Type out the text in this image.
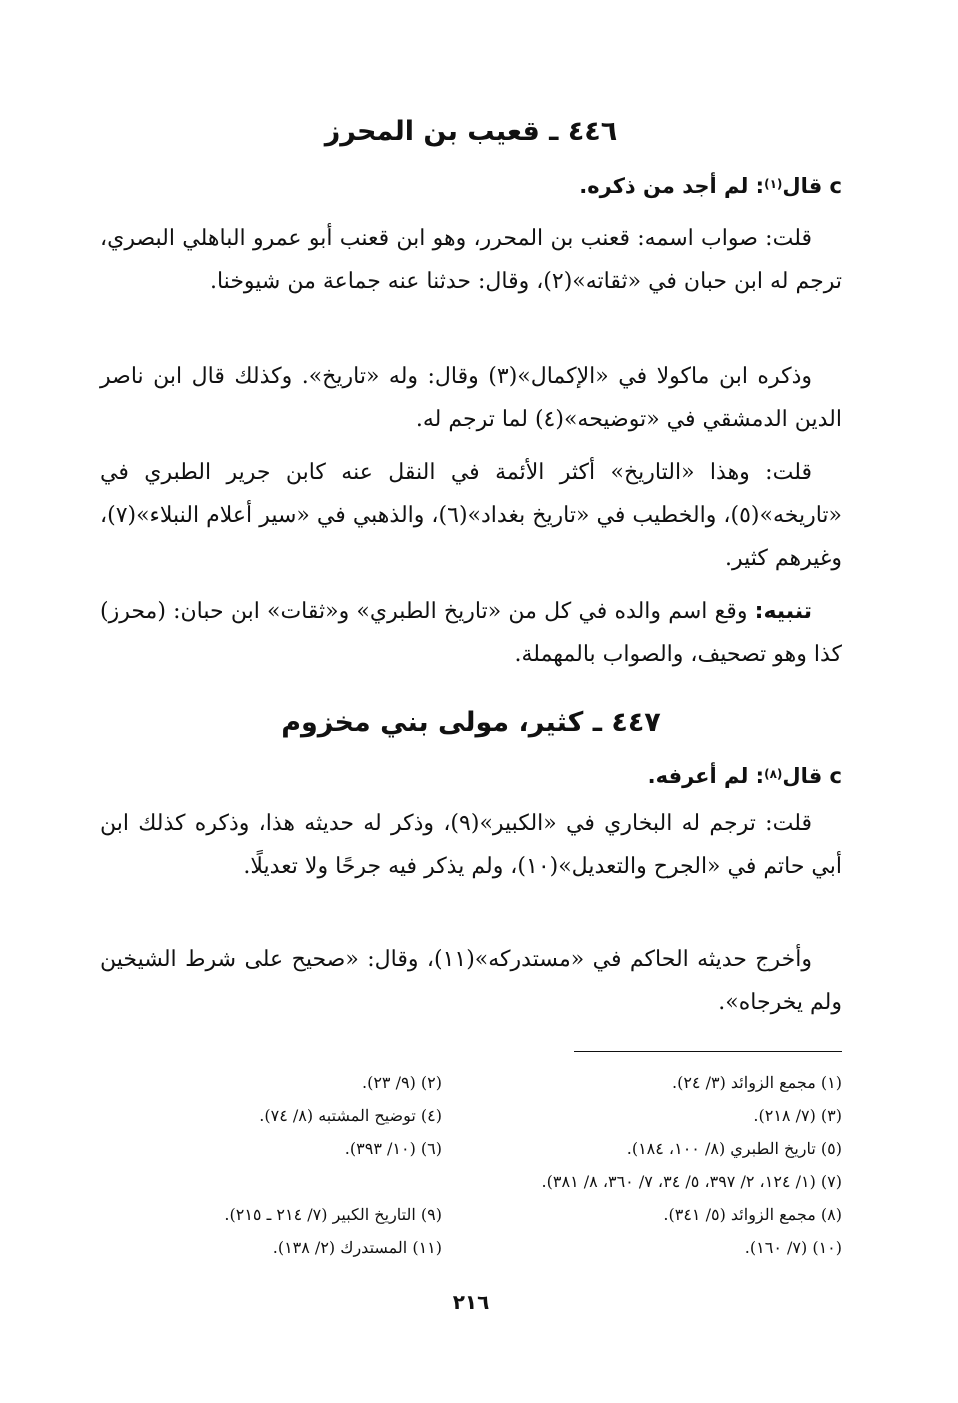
٤٤٦ ـ قعيب بن المحرز
c قال$^{(١)}$: لم أجد من ذكره.
قلت: صواب اسمه: قعنب بن المحرر، وهو ابن قعنب أبو عمرو الباهلي البصري، ترجم له ابن حبان في «ثقاته»(٢)، وقال: حدثنا عنه جماعة من شيوخنا.
وذكره ابن ماكولا في «الإكمال»(٣) وقال: وله «تاريخ». وكذلك قال ابن ناصر الدين الدمشقي في «توضيحه»(٤) لما ترجم له.
قلت: وهذا «التاريخ» أكثر الأئمة في النقل عنه كابن جرير الطبري في «تاريخه»(٥)، والخطيب في «تاريخ بغداد»(٦)، والذهبي في «سير أعلام النبلاء»(٧)، وغيرهم كثير.
تنبيه: وقع اسم والده في كل من «تاريخ الطبري» و«ثقات» ابن حبان: (محرز) كذا وهو تصحيف، والصواب بالمهملة.
٤٤٧ ـ كثير، مولى بني مخزوم
c قال$^{(٨)}$: لم أعرفه.
قلت: ترجم له البخاري في «الكبير»(٩)، وذكر له حديثه هذا، وذكره كذلك ابن أبي حاتم في «الجرح والتعديل»(١٠)، ولم يذكر فيه جرحًا ولا تعديلًا.
وأخرج حديثه الحاكم في «مستدركه»(١١)، وقال: «صحيح على شرط الشيخين ولم يخرجاه».
(١) مجمع الزوائد (٣/ ٢٤).
(٢) (٩/ ٢٣).
(٣) (٧/ ٢١٨).
(٤) توضيح المشتبه (٨/ ٧٤).
(٥) تاريخ الطبري (٨/ ١٠٠، ١٨٤).
(٦) (١٠/ ٣٩٣).
(٧) (١/ ١٢٤، ٢/ ٣٩٧، ٥/ ٣٤، ٧/ ٣٦٠، ٨/ ٣٨١).
(٨) مجمع الزوائد (٥/ ٣٤١).
(٩) التاريخ الكبير (٧/ ٢١٤ ـ ٢١٥).
(١٠) (٧/ ١٦٠).
(١١) المستدرك (٢/ ١٣٨).
٢١٦
